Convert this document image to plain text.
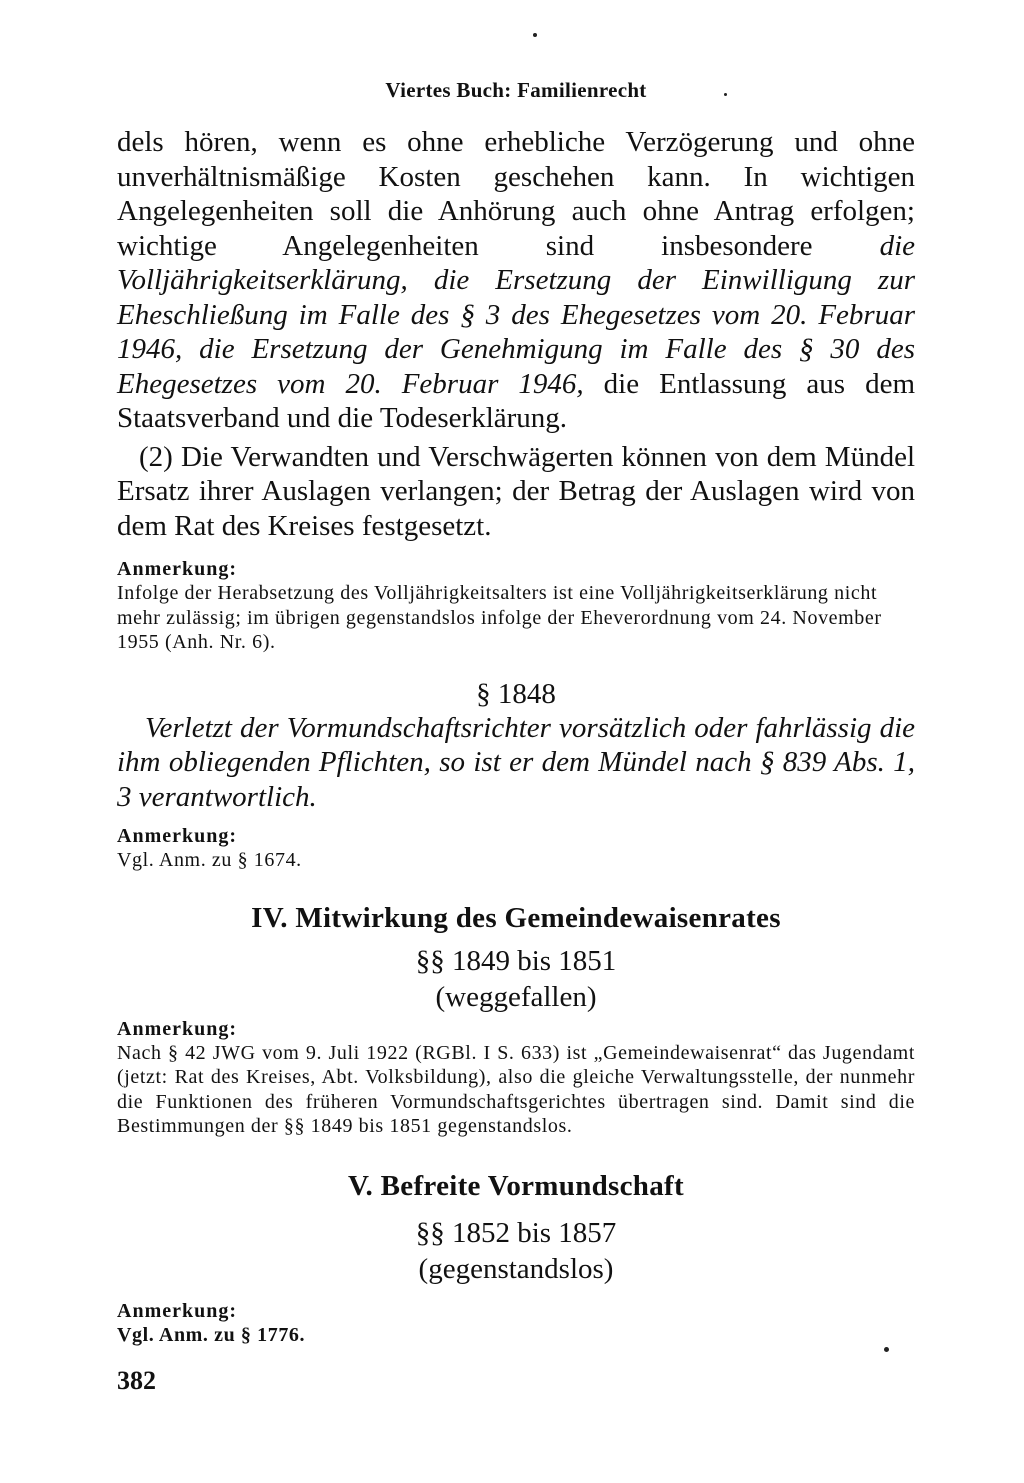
Viertes Buch: Familienrecht

dels hören, wenn es ohne erhebliche Verzögerung und ohne unverhältnismäßige Kosten geschehen kann. In wichtigen Angelegenheiten soll die Anhörung auch ohne Antrag erfolgen; wichtige Angelegenheiten sind insbesondere die Volljährigkeitserklärung, die Ersetzung der Einwilligung zur Eheschließung im Falle des § 3 des Ehegesetzes vom 20. Februar 1946, die Ersetzung der Genehmigung im Falle des § 30 des Ehegesetzes vom 20. Februar 1946, die Entlassung aus dem Staatsverband und die Todeserklärung.

(2) Die Verwandten und Verschwägerten können von dem Mündel Ersatz ihrer Auslagen verlangen; der Betrag der Auslagen wird von dem Rat des Kreises festgesetzt.

Anmerkung:

Infolge der Herabsetzung des Volljährigkeitsalters ist eine Volljährigkeitserklärung nicht mehr zulässig; im übrigen gegenstandslos infolge der Eheverordnung vom 24. November 1955 (Anh. Nr. 6).

§ 1848

Verletzt der Vormundschaftsrichter vorsätzlich oder fahrlässig die ihm obliegenden Pflichten, so ist er dem Mündel nach § 839 Abs. 1, 3 verantwortlich.

Anmerkung:

Vgl. Anm. zu § 1674.

IV. Mitwirkung des Gemeindewaisenrates

§§ 1849 bis 1851

(weggefallen)

Anmerkung:

Nach § 42 JWG vom 9. Juli 1922 (RGBl. I S. 633) ist „Gemeindewaisenrat“ das Jugendamt (jetzt: Rat des Kreises, Abt. Volksbildung), also die gleiche Verwaltungsstelle, der nunmehr die Funktionen des früheren Vormundschaftsgerichtes übertragen sind. Damit sind die Bestimmungen der §§ 1849 bis 1851 gegenstandslos.

V. Befreite Vormundschaft

§§ 1852 bis 1857

(gegenstandslos)

Anmerkung:

Vgl. Anm. zu § 1776.

382
